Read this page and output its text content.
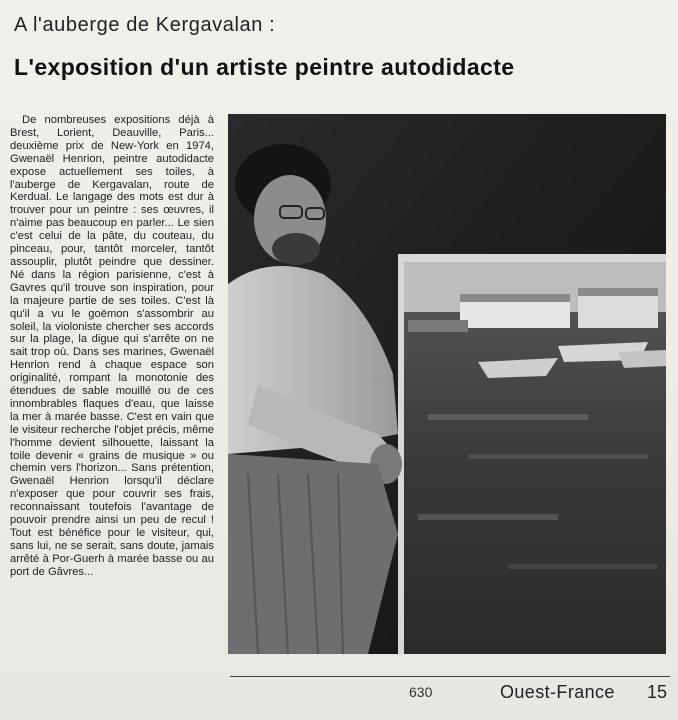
A l'auberge de Kergavalan :
L'exposition d'un artiste peintre autodidacte

De nombreuses expositions déjà à Brest, Lorient, Deauville, Paris... deuxième prix de New-York en 1974, Gwenaël Henrion, peintre autodidacte expose actuellement ses toiles, à l'auberge de Kergavalan, route de Kerdual. Le langage des mots est dur à trouver pour un peintre : ses œuvres, il n'aime pas beaucoup en parler... Le sien c'est celui de la pâte, du couteau, du pinceau, pour, tantôt morceler, tantôt assouplir, plutôt peindre que dessiner. Né dans la région parisienne, c'est à Gavres qu'il trouve son inspiration, pour la majeure partie de ses toiles. C'est là qu'il a vu le goëmon s'assombrir au soleil, la violoniste chercher ses accords sur la plage, la digue qui s'arrête on ne sait trop où. Dans ses marines, Gwenaël Henrion rend à chaque espace son originalité, rompant la monotonie des étendues de sable mouillé ou de ces innombrables flaques d'eau, que laisse la mer à marée basse. C'est en vain que le visiteur recherche l'objet précis, même l'homme devient silhouette, laissant la toile devenir « grains de musique » ou chemin vers l'horizon... Sans prétention, Gwenaël Henrion lorsqu'il déclare n'exposer que pour couvrir ses frais, reconnaissant toutefois l'avantage de pouvoir prendre ainsi un peu de recul ! Tout est bénéfice pour le visiteur, qui, sans lui, ne se serait, sans doute, jamais arrêté à Por-Guerh à marée basse ou au port de Gâvres...

630	Ouest-France 15
